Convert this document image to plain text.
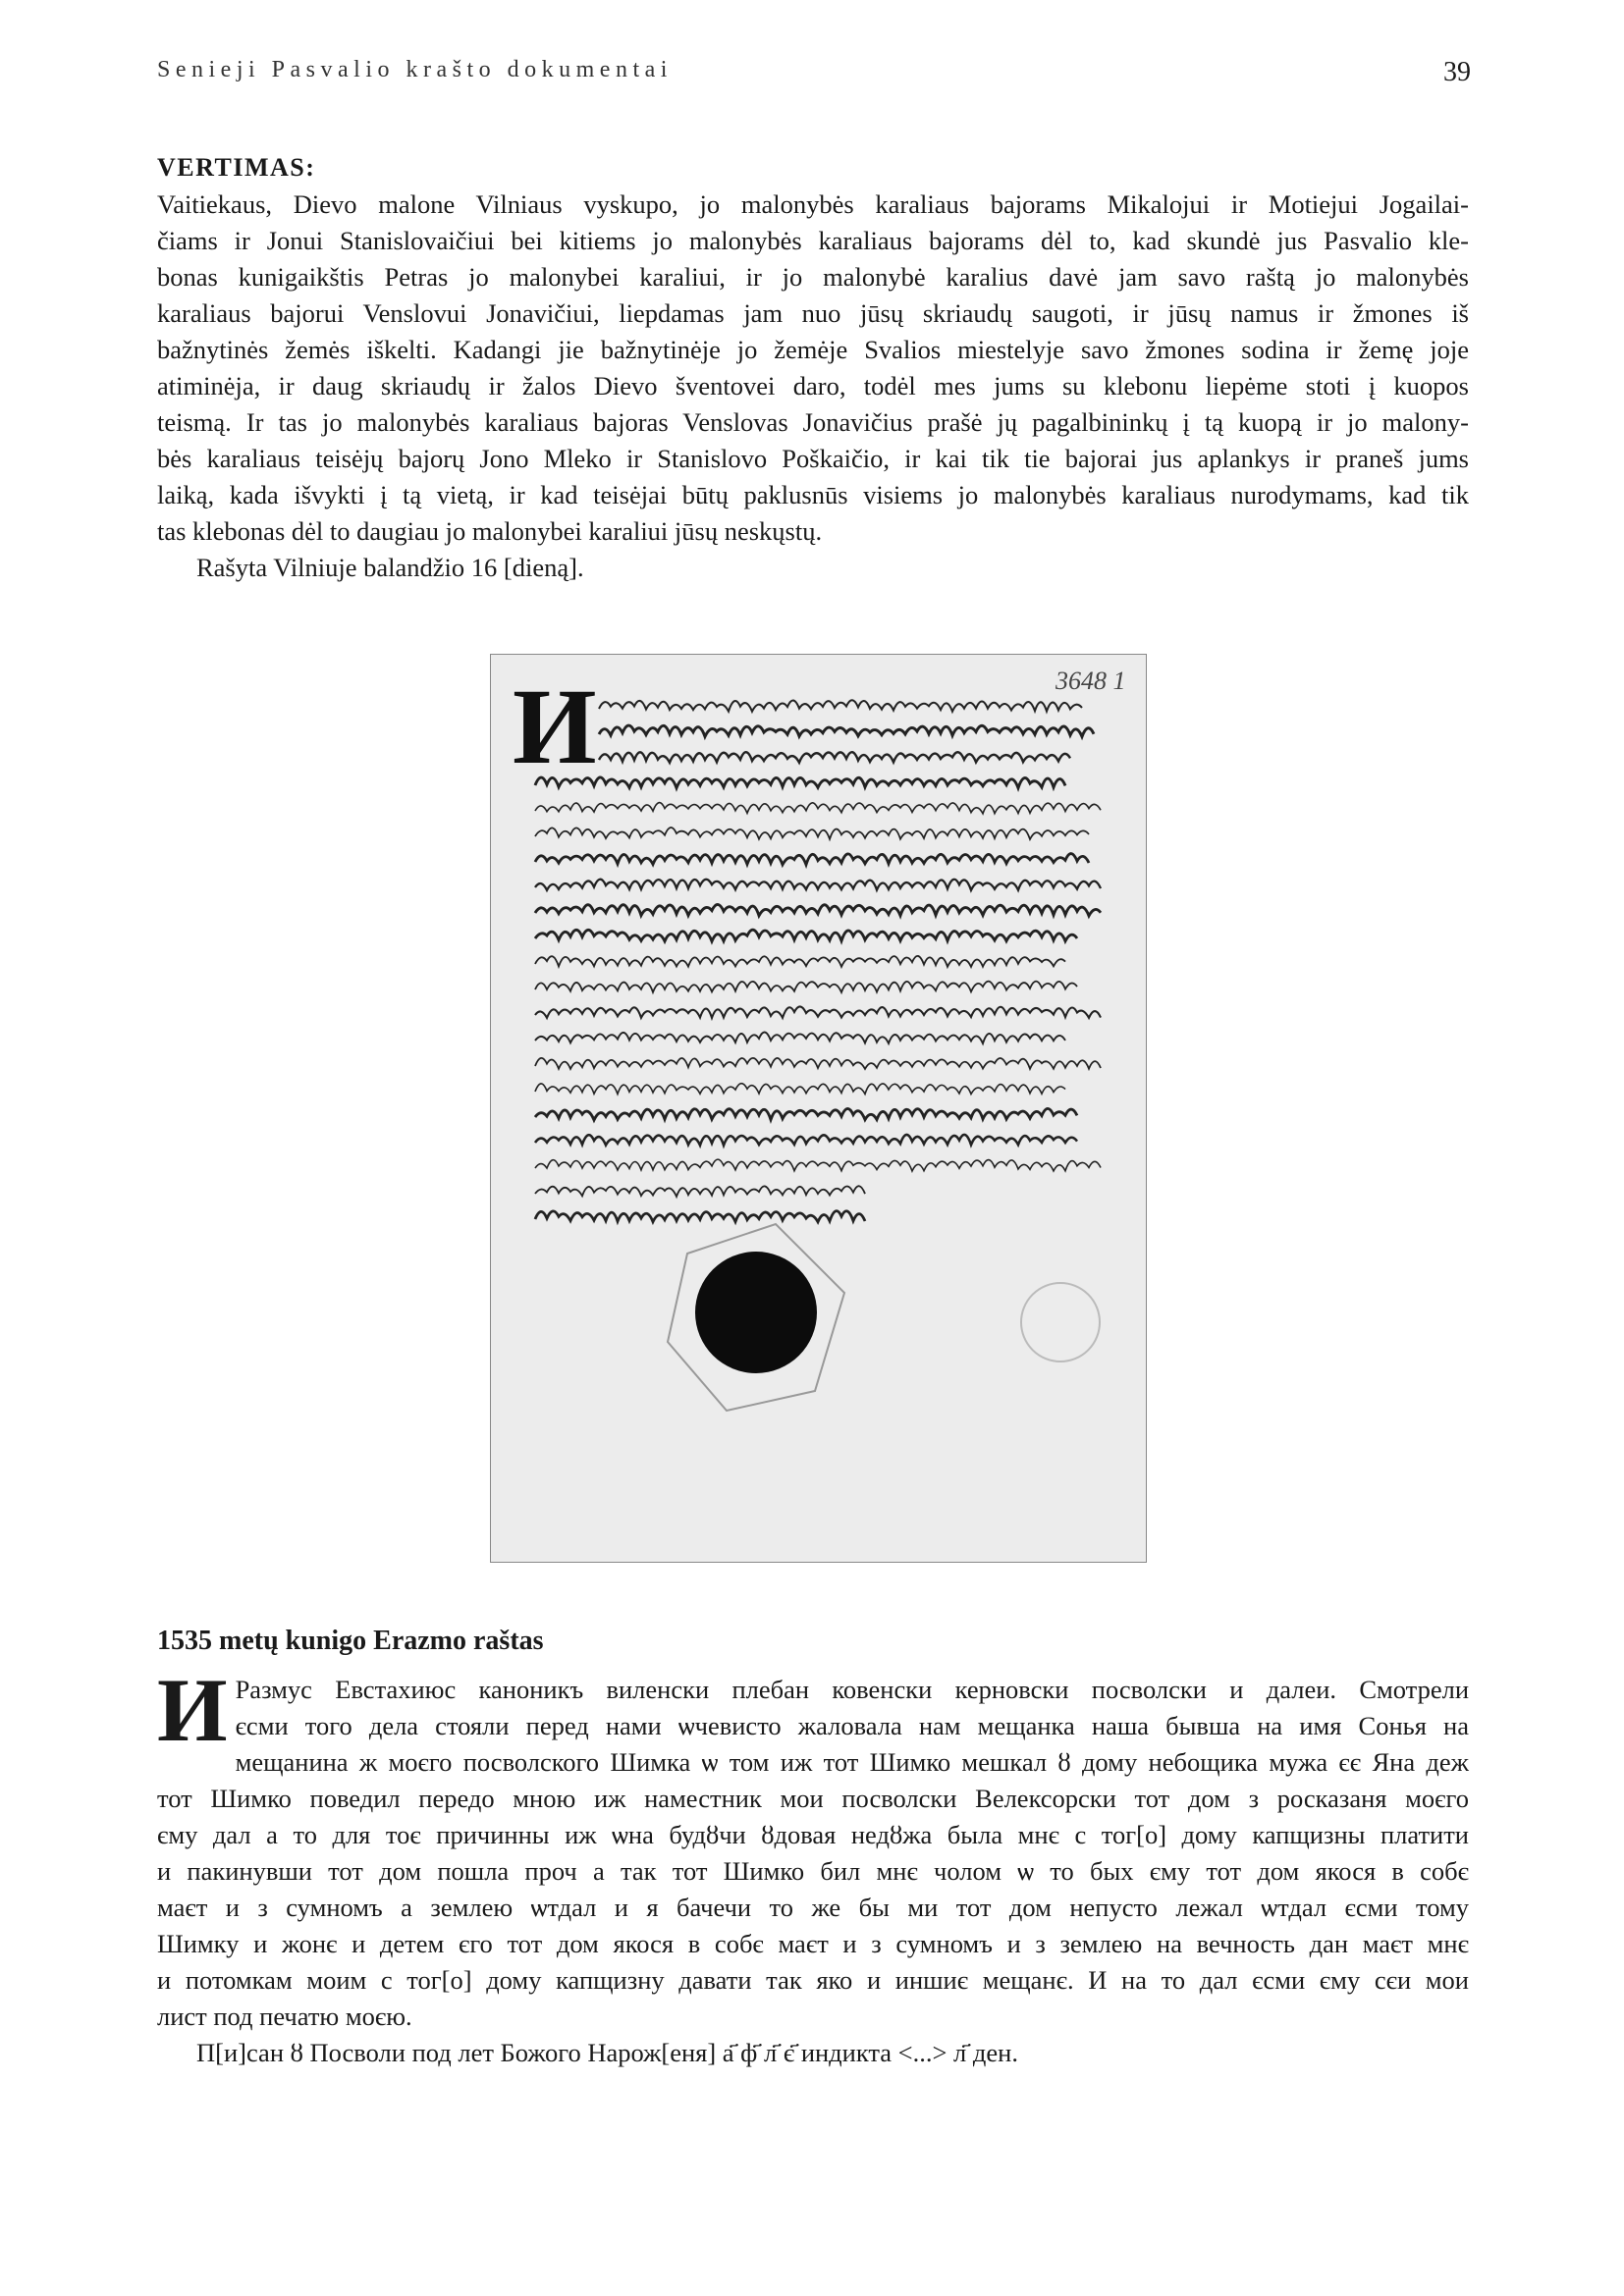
Senieji Pasvalio krašto dokumentai	39
VERTIMAS:
Vaitiekaus, Dievo malone Vilniaus vyskupo, jo malonybės karaliaus bajorams Mikalojui ir Motiejui Jogailai-
čiams ir Jonui Stanislovaičiui bei kitiems jo malonybės karaliaus bajorams dėl to, kad skundė jus Pasvalio kle-
bonas kunigaikštis Petras jo malonybei karaliui, ir jo malonybė karalius davė jam savo raštą jo malonybės
karaliaus bajorui Venslovui Jonavičiui, liepdamas jam nuo jūsų skriaudų saugoti, ir jūsų namus ir žmones iš
bažnytinės žemės iškelti. Kadangi jie bažnytinėje jo žemėje Svalios miestelyje savo žmones sodina ir žemę joje
atiminėja, ir daug skriaudų ir žalos Dievo šventovei daro, todėl mes jums su klebonu liepėme stoti į kuopos
teismą. Ir tas jo malonybės karaliaus bajoras Venslovas Jonavičius prašė jų pagalbininkų į tą kuopą ir jo malony-
bės karaliaus teisėjų bajorų Jono Mleko ir Stanislovo Poškaičio, ir kai tik tie bajorai jus aplankys ir praneš jums
laiką, kada išvykti į tą vietą, ir kad teisėjai būtų paklusnūs visiems jo malonybės karaliaus nurodymams, kad tik
tas klebonas dėl to daugiau jo malonybei karaliui jūsų neskųstų.
Rašyta Vilniuje balandžio 16 [dieną].
3648 1
И
1535 metų kunigo Erazmo raštas
И Размус Евстахиюс каноникъ виленски плебан ковенски керновски посволски и далеи. Смотрели
єсми того дела стояли перед нами ѡчевисто жаловала нам мещанка наша бывша на имя Сонья на
мещанина ж моєго посволского Шимка ѡ том иж тот Шимко мешкал ȣ дому небощика мужа єє Яна деж
тот Шимко поведил передо мною иж наместник мои посволски Велексорски тот дом з росказаня моєго
єму дал а то для тоє причинны иж ѡна будȣчи ȣдовая недȣжа была мнє с тог[о] дому капщизны платити
и пакинувши тот дом пошла проч а так тот Шимко бил мнє чолом ѡ то бых єму тот дом якося в собє
маєт и з сумномъ а землею ѡтдал и я бачечи то же бы ми тот дом непусто лежал ѡтдал єсми тому
Шимку и жонє и детем єго тот дом якося в собє маєт и з сумномъ и з землею на вечность дан маєт мнє
и потомкам моим с тог[о] дому капщизну давати так яко и иншиє мещанє. И на то дал єсми єму сєи мои
лист под печатю моєю.
П[и]сан ȣ Посволи под лет Божого Нарож[еня] а҃ ф҃ л҃ є҃ индикта <...> л҃ ден.
